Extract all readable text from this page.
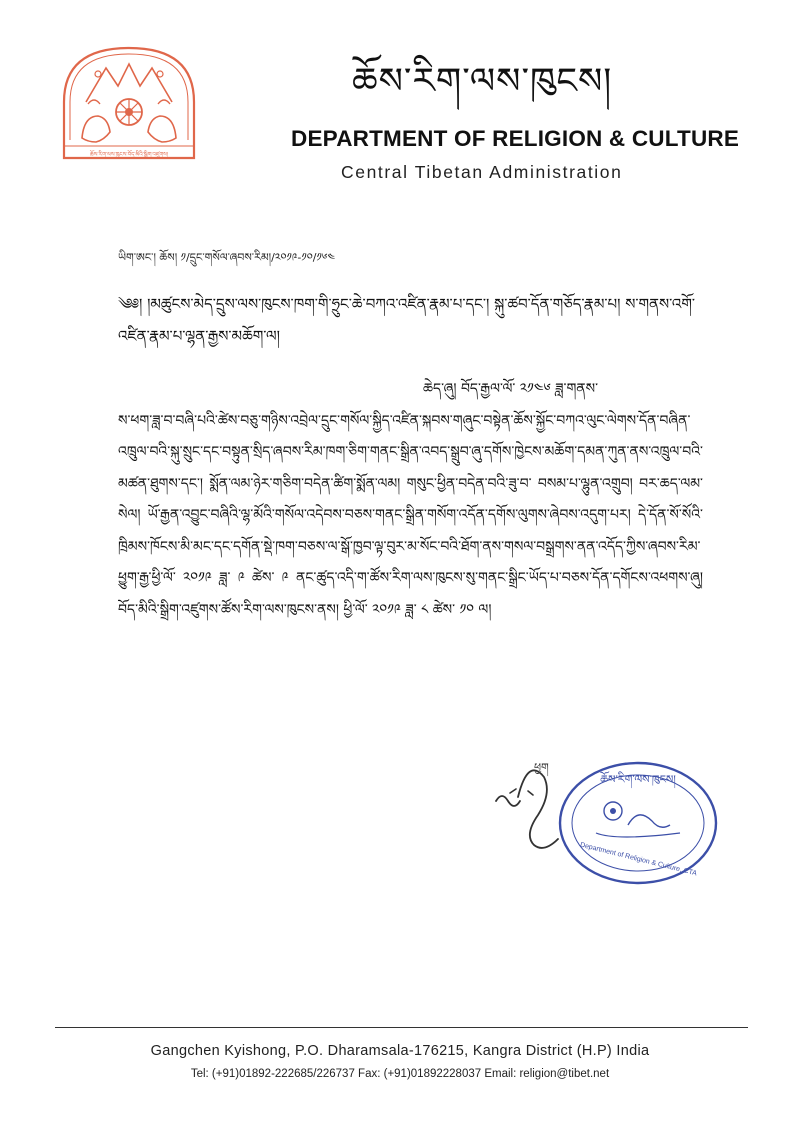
ཆོས་རིག་ལས་ཁུངས་བོད་མིའི་སྒྲིག་འཛུགས།
ཆོས་རིག་ལས་ཁུངས།
DEPARTMENT OF RELIGION & CULTURE
Central Tibetan Administration
ཡིག་ཨང་། ཆོས། ༡/དྲུང་གསོལ་ཞབས་རིམ།/༢༠༡༩-༡༠/༡༦༤
༄༅། །མཚུངས་མེད་དྲུས་ལས་ཁུངས་ཁག་གི་ཧྲུང་ཆེ་བཀའ་འཛིན་རྣམ་པ་དང་། སྐུ་ཚབ་དོན་གཅོད་རྣམ་པ། ས་གནས་འགོ་འཛིན་རྣམ་པ་ལྷན་རྒྱས་མཆོག་ལ།
ཆེད་ཞུ། བོད་རྒྱལ་ལོ་ ༢༡༤༦ ཟླ་གནས་
ས་ཕག་ཟླ་བ་བཞི་པའི་ཚེས་བཅུ་གཉིས་འབྲེལ་དྲུང་གསོལ་སྐྱིད་འཛིན་སྐབས་གཞུང་བསྟེན་ཆོས་སྐྱོང་བཀའ་ལུང་ལེགས་དོན་བཞིན་འཁྲུལ་བའི་སྐུ་སྲུང་དང་བསྟུན་སྲིད་ཞབས་རིམ་ཁག་ཅིག་གནང་སྒྲིན་འབད་སྒྲུབ་ཞུ་དགོས་ཁྱེངས་མཆོག་དམན་ཀུན་ནས་འཁྲུལ་བའི་མཚན་ཐུགས་དང་། སྨོན་ལམ་ཉེར་གཅིག་བདེན་ཚིག་སྨོན་ལམ། གསུང་ཕྱིན་བདེན་བའི་ཟུ་བ་ བསམ་པ་ལྷུན་འགྲུབ། བར་ཆད་ལམ་སེལ། ཡོ་རྒྱན་འབྱུང་བཞིའི་ལྷ་མོའི་གསོལ་འདེབས་བཅས་གནང་སྒྲིན་གསོག་འདོན་དགོས་ལུགས་ཞེབས་འདུག་པར། དེ་དོན་སོ་སོའི་ཁྲིམས་ཁོངས་མི་མང་དང་དགོན་སྡེ་ཁག་བཅས་ལ་སྒོ་ཁྱབ་ལྟ་བུར་མ་སོང་བའི་ཐོག་ནས་གསལ་བསྒྲགས་ནན་འདོད་ཀྱིས་ཞབས་རིམ་ཕྱུག་རྒྱ་ཕྱི་ལོ་ ༢༠༡༩ ཟླ་ ༩ ཚེས་ ༩ ནང་ཚུད་འདི་ག་ཚོས་རིག་ལས་ཁུངས་སུ་གནང་སྒྲིང་ཡོད་པ་བཅས་དོན་དགོངས་འཕགས་ཞུ། བོད་མིའི་སྒྲིག་འཛུགས་ཚོས་རིག་ལས་ཁུངས་ནས། ཕྱི་ལོ་ ༢༠༡༩ ཟླ་ ༨ ཚེས་ ༡༠ ལ།
ཕྱག
ཆོས་རིག་ལས་ཁུངས།
Department of Religion & Culture, CTA
Gangchen Kyishong, P.O. Dharamsala-176215, Kangra District (H.P) India
Tel: (+91)01892-222685/226737 Fax: (+91)01892228037 Email: religion@tibet.net
